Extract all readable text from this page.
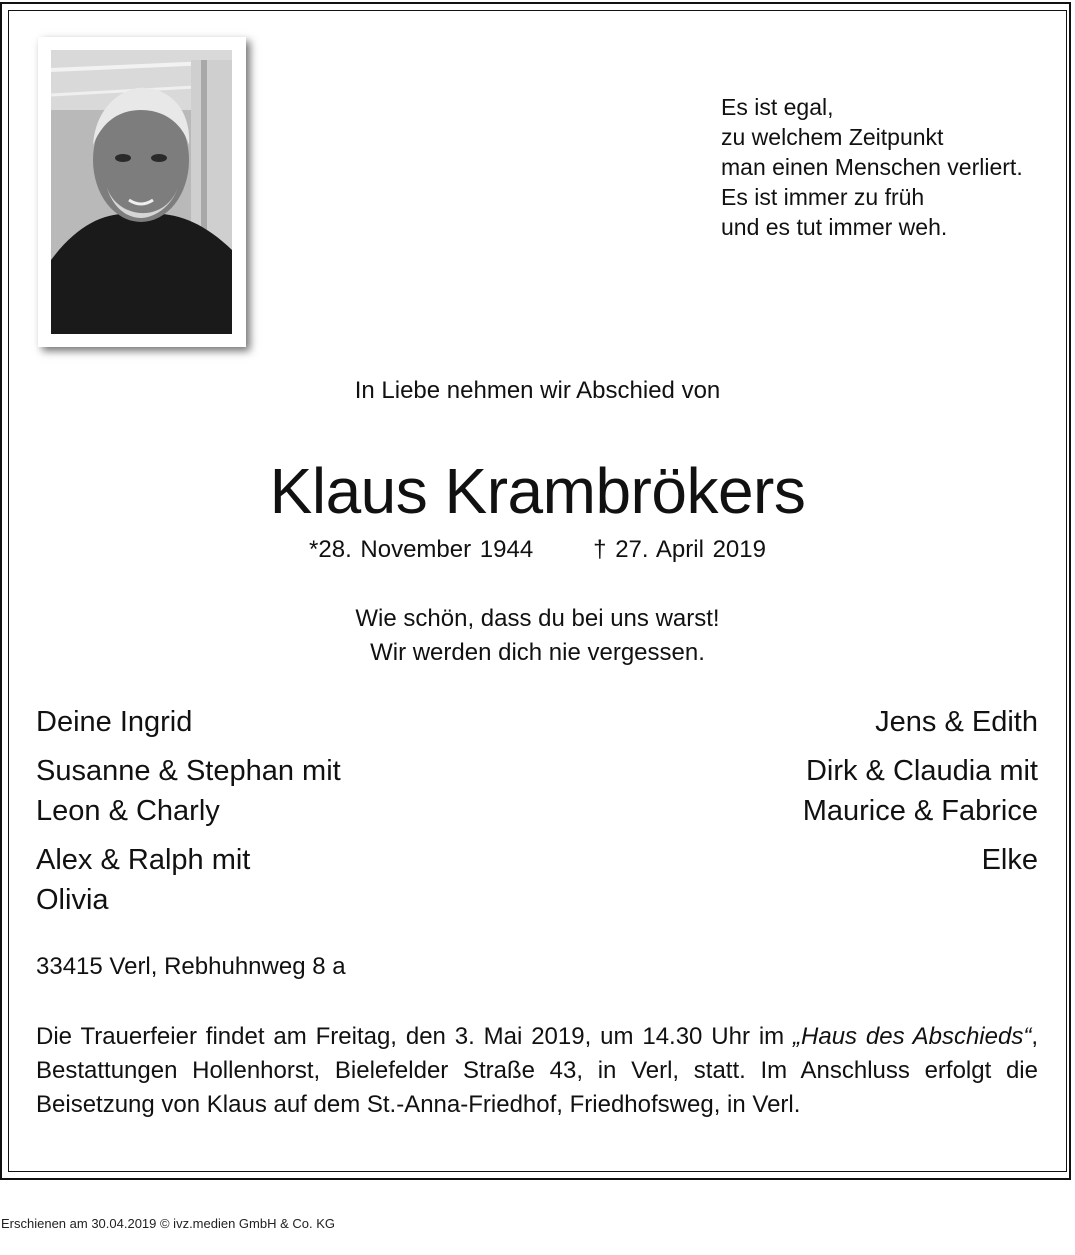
Es ist egal,
zu welchem Zeitpunkt
man einen Menschen verliert.
Es ist immer zu früh
und es tut immer weh.
In Liebe nehmen wir Abschied von
Klaus Krambrökers
*28. November 1944	† 27. April 2019
Wie schön, dass du bei uns warst!
Wir werden dich nie vergessen.
Deine Ingrid
Susanne & Stephan mit
Leon & Charly
Alex & Ralph mit
Olivia
Jens & Edith
Dirk & Claudia mit
Maurice & Fabrice
Elke
33415 Verl, Rebhuhnweg 8 a
Die Trauerfeier findet am Freitag, den 3. Mai 2019, um 14.30 Uhr im „Haus des Abschieds“, Bestattungen Hollenhorst, Bielefelder Straße 43, in Verl, statt. Im Anschluss erfolgt die Beisetzung von Klaus auf dem St.-Anna-Friedhof, Friedhofsweg, in Verl.
Erschienen am 30.04.2019 © ivz.medien GmbH & Co. KG
